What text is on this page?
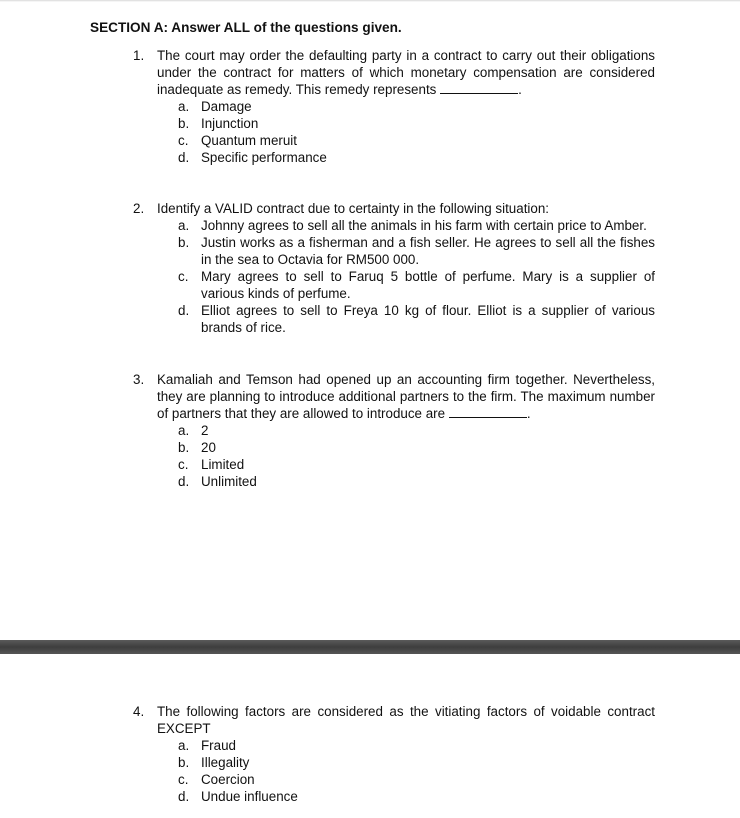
SECTION A: Answer ALL of the questions given.
1. The court may order the defaulting party in a contract to carry out their obligations under the contract for matters of which monetary compensation are considered inadequate as remedy. This remedy represents	.
a. Damage
b. Injunction
c. Quantum meruit
d. Specific performance
2. Identify a VALID contract due to certainty in the following situation:
a. Johnny agrees to sell all the animals in his farm with certain price to Amber.
b. Justin works as a fisherman and a fish seller. He agrees to sell all the fishes in the sea to Octavia for RM500 000.
c. Mary agrees to sell to Faruq 5 bottle of perfume. Mary is a supplier of various kinds of perfume.
d. Elliot agrees to sell to Freya 10 kg of flour. Elliot is a supplier of various brands of rice.
3. Kamaliah and Temson had opened up an accounting firm together. Nevertheless, they are planning to introduce additional partners to the firm. The maximum number of partners that they are allowed to introduce are	.
a. 2
b. 20
c. Limited
d. Unlimited
4. The following factors are considered as the vitiating factors of voidable contract EXCEPT
a. Fraud
b. Illegality
c. Coercion
d. Undue influence
